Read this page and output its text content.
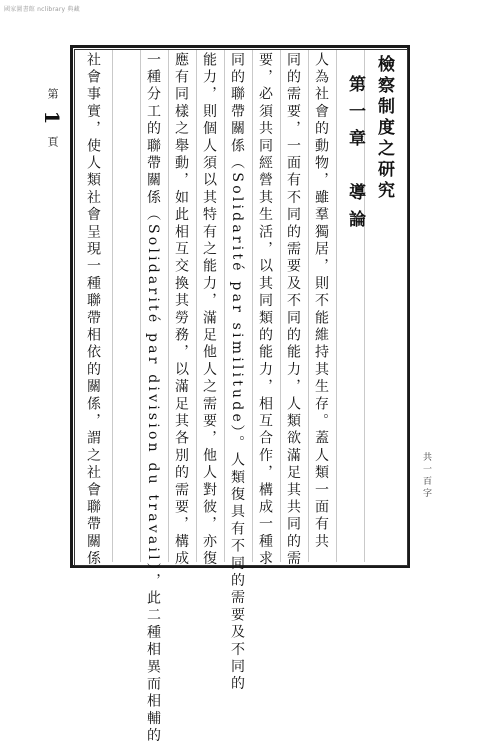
國家圖書館 nclibrary 典藏
檢察制度之研究
第一章　導論
人為社會的動物，雖羣獨居，則不能維持其生存。蓋人類一面有共
同的需要，一面有不同的需要及不同的能力，人類欲滿足其共同的需
要，必須共同經營其生活，以其同類的能力，相互合作，構成一種求
同的聯帶關係（Solidarité par similitude）。人類復具有不同的需要及不同的
能力，則個人須以其特有之能力，滿足他人之需要，他人對彼，亦復
應有同樣之舉動，如此相互交換其勞務，以滿足其各別的需要，構成
一種分工的聯帶關係（Solidarité par division du travail），此二種相異而相輔的
社會事實，使人類社會呈現一種聯帶相依的關係，謂之社會聯帶關係
第 1 頁
共一百字
